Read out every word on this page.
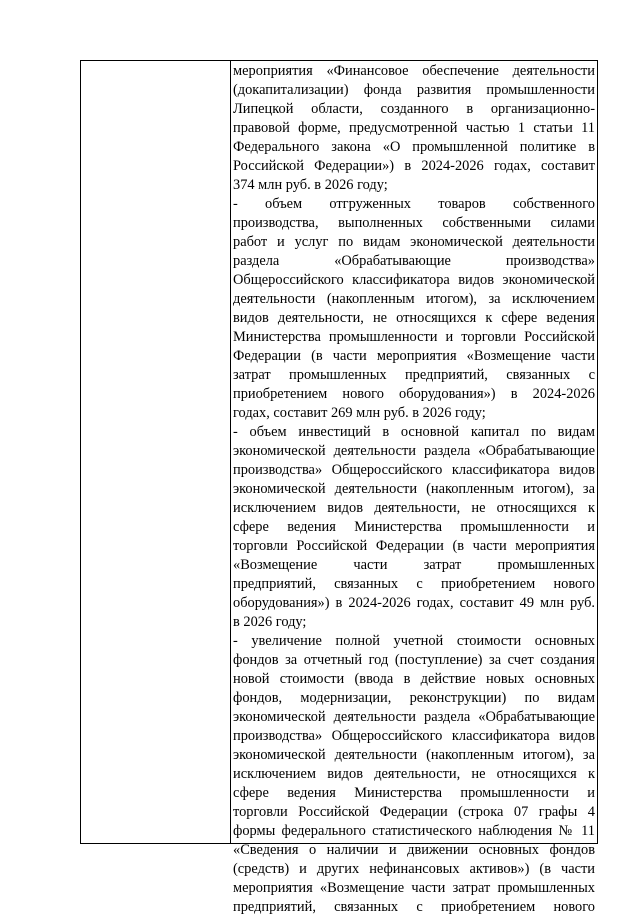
мероприятия «Финансовое обеспечение деятельности
(докапитализации) фонда развития промышленности
Липецкой области, созданного в организационно-
правовой форме, предусмотренной частью 1 статьи 11
Федерального закона «О промышленной политике в
Российской Федерации») в 2024-2026 годах, составит
374 млн руб. в 2026 году;
- объем отгруженных товаров собственного
производства, выполненных собственными силами
работ и услуг по видам экономической деятельности
раздела «Обрабатывающие производства»
Общероссийского классификатора видов экономической
деятельности (накопленным итогом), за исключением
видов деятельности, не относящихся к сфере ведения
Министерства промышленности и торговли Российской
Федерации (в части мероприятия «Возмещение части
затрат промышленных предприятий, связанных с
приобретением нового оборудования») в 2024-2026
годах, составит 269 млн руб. в 2026 году;
- объем инвестиций в основной капитал по видам
экономической деятельности раздела «Обрабатывающие
производства» Общероссийского классификатора видов
экономической деятельности (накопленным итогом), за
исключением видов деятельности, не относящихся к
сфере ведения Министерства промышленности и
торговли Российской Федерации (в части мероприятия
«Возмещение части затрат промышленных
предприятий, связанных с приобретением нового
оборудования») в 2024-2026 годах, составит 49 млн руб.
в 2026 году;
- увеличение полной учетной стоимости основных
фондов за отчетный год (поступление) за счет создания
новой стоимости (ввода в действие новых основных
фондов, модернизации, реконструкции) по видам
экономической деятельности раздела «Обрабатывающие
производства» Общероссийского классификатора видов
экономической деятельности (накопленным итогом), за
исключением видов деятельности, не относящихся к
сфере ведения Министерства промышленности и
торговли Российской Федерации (строка 07 графы 4
формы федерального статистического наблюдения № 11
«Сведения о наличии и движении основных фондов
(средств) и других нефинансовых активов») (в части
мероприятия «Возмещение части затрат промышленных
предприятий, связанных с приобретением нового
